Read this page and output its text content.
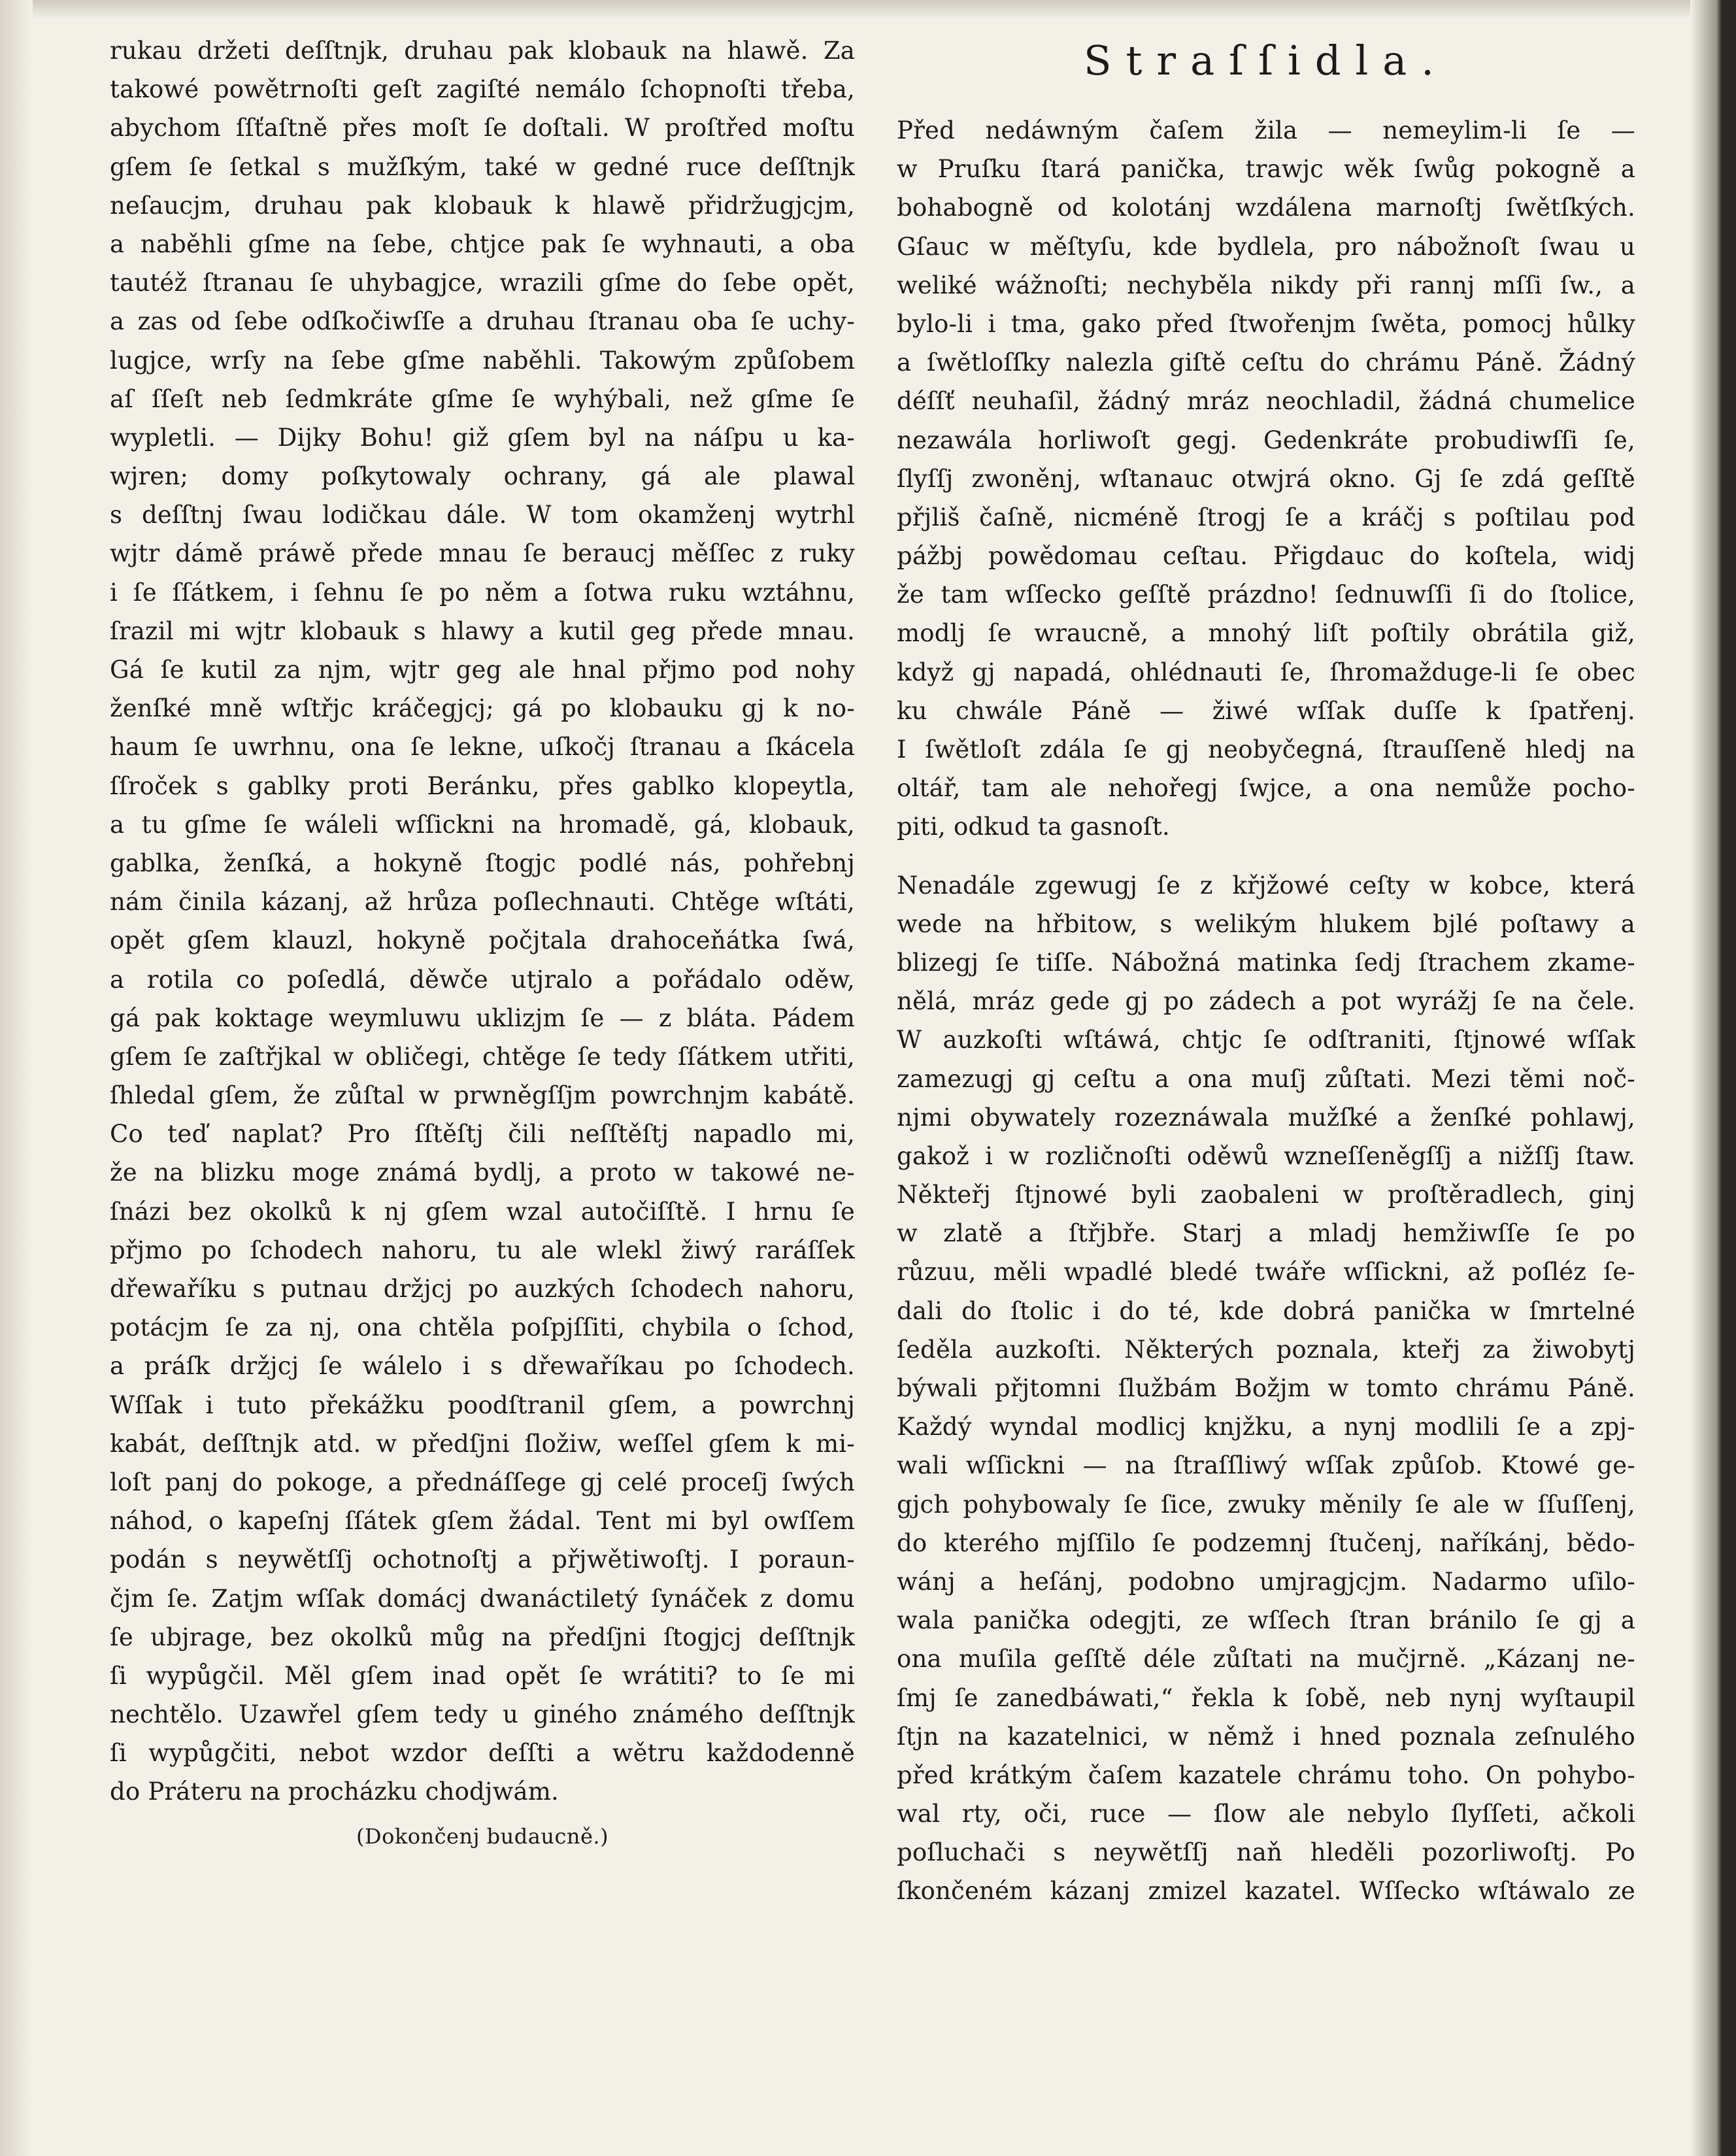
rukau držeti deſſtnjk, druhau pak klobauk na hlawě. Za
takowé powětrnoſti geſt zagiſté nemálo ſchopnoſti třeba,
abychom ſſťaſtně přes moſt ſe doſtali. W proſtřed moſtu
gſem ſe ſetkal s mužſkým, také w gedné ruce deſſtnjk
neſaucjm, druhau pak klobauk k hlawě přidržugjcjm,
a naběhli gſme na ſebe, chtjce pak ſe wyhnauti, a oba
tautéž ſtranau ſe uhybagjce, wrazili gſme do ſebe opět,
a zas od ſebe odſkočiwſſe a druhau ſtranau oba ſe uchy-
lugjce, wrſy na ſebe gſme naběhli. Takowým způſobem
aſ ſſeſt neb ſedmkráte gſme ſe wyhýbali, než gſme ſe
wypletli. — Dijky Bohu! giž gſem byl na náſpu u ka-
wjren; domy poſkytowaly ochrany, gá ale plawal
s deſſtnj ſwau lodičkau dále. W tom okamženj wytrhl
wjtr dámě práwě přede mnau ſe beraucj měſſec z ruky
i ſe ſſátkem, i ſehnu ſe po něm a ſotwa ruku wztáhnu,
ſrazil mi wjtr klobauk s hlawy a kutil geg přede mnau.
Gá ſe kutil za njm, wjtr geg ale hnal přjmo pod nohy
ženſké mně wſtřjc kráčegjcj; gá po klobauku gj k no-
haum ſe uwrhnu, ona ſe lekne, uſkočj ſtranau a ſkácela
ſſroček s gablky proti Beránku, přes gablko klopeytla,
a tu gſme ſe wáleli wſſickni na hromadě, gá, klobauk,
gablka, ženſká, a hokyně ſtogjc podlé nás, pohřebnj
nám činila kázanj, až hrůza poſlechnauti. Chtěge wſtáti,
opět gſem klauzl, hokyně počjtala drahoceňátka ſwá,
a rotila co poſedlá, děwče utjralo a pořádalo oděw,
gá pak koktage weymluwu uklizjm ſe — z bláta. Pádem
gſem ſe zaſtřjkal w obličegi, chtěge ſe tedy ſſátkem utřiti,
ſhledal gſem, že zůſtal w prwněgſſjm powrchnjm kabátě.
Co teď naplat? Pro ſſtěſtj čili neſſtěſtj napadlo mi,
že na blizku moge známá bydlj, a proto w takowé ne-
ſnázi bez okolků k nj gſem wzal autočiſſtě. I hrnu ſe
přjmo po ſchodech nahoru, tu ale wlekl žiwý raráſſek
dřewaříku s putnau držjcj po auzkých ſchodech nahoru,
potácjm ſe za nj, ona chtěla poſpjſſiti, chybila o ſchod,
a práſk držjcj ſe wálelo i s dřewaříkau po ſchodech.
Wſſak i tuto překážku poodſtranil gſem, a powrchnj
kabát, deſſtnjk atd. w předſjni ſložiw, weſſel gſem k mi-
loſt panj do pokoge, a přednáſſege gj celé proceſj ſwých
náhod, o kapeſnj ſſátek gſem žádal. Tent mi byl owſſem
podán s neywětſſj ochotnoſtj a přjwětiwoſtj. I poraun-
čjm ſe. Zatjm wſſak domácj dwanáctiletý ſynáček z domu
ſe ubjrage, bez okolků můg na předſjni ſtogjcj deſſtnjk
ſi wypůgčil. Měl gſem inad opět ſe wrátiti? to ſe mi
nechtělo. Uzawřel gſem tedy u giného známého deſſtnjk
ſi wypůgčiti, nebot wzdor deſſti a wětru každodenně
do Práteru na procházku chodjwám.
(Dokončenj budaucně.)
Straſſidla.
Před nedáwným čaſem žila — nemeylim-li ſe —
w Pruſku ſtará panička, trawjc wěk ſwůg pokogně a
bohabogně od kolotánj wzdálena marnoſtj ſwětſkých.
Gſauc w měſtyſu, kde bydlela, pro nábožnoſt ſwau u
weliké wážnoſti; nechyběla nikdy při rannj mſſi ſw., a
bylo-li i tma, gako před ſtwořenjm ſwěta, pomocj hůlky
a ſwětloſſky nalezla giſtě ceſtu do chrámu Páně. Žádný
déſſť neuhaſil, žádný mráz neochladil, žádná chumelice
nezawála horliwoſt gegj. Gedenkráte probudiwſſi ſe,
ſlyſſj zwoněnj, wſtanauc otwjrá okno. Gj ſe zdá geſſtě
přjliš čaſně, nicméně ſtrogj ſe a kráčj s poſtilau pod
pážbj powědomau ceſtau. Přigdauc do koſtela, widj
že tam wſſecko geſſtě prázdno! ſednuwſſi ſi do ſtolice,
modlj ſe wraucně, a mnohý liſt poſtily obrátila giž,
když gj napadá, ohlédnauti ſe, ſhromažduge-li ſe obec
ku chwále Páně — žiwé wſſak duſſe k ſpatřenj.
I ſwětloſt zdála ſe gj neobyčegná, ſtrauſſeně hledj na
oltář, tam ale nehořegj ſwjce, a ona nemůže pocho-
piti, odkud ta gasnoſt.
Nenadále zgewugj ſe z křjžowé ceſty w kobce, která
wede na hřbitow, s welikým hlukem bjlé poſtawy a
blizegj ſe tiſſe. Nábožná matinka ſedj ſtrachem zkame-
nělá, mráz gede gj po zádech a pot wyrážj ſe na čele.
W auzkoſti wſtáwá, chtjc ſe odſtraniti, ſtjnowé wſſak
zamezugj gj ceſtu a ona muſj zůſtati. Mezi těmi noč-
njmi obywately rozeznáwala mužſké a ženſké pohlawj,
gakož i w rozličnoſti oděwů wzneſſeněgſſj a nižſſj ſtaw.
Někteřj ſtjnowé byli zaobaleni w proſtěradlech, ginj
w zlatě a ſtřjbře. Starj a mladj hemžiwſſe ſe po
růzuu, měli wpadlé bledé twáře wſſickni, až poſléz ſe-
dali do ſtolic i do té, kde dobrá panička w ſmrtelné
ſeděla auzkoſti. Některých poznala, kteřj za žiwobytj
býwali přjtomni ſlužbám Božjm w tomto chrámu Páně.
Každý wyndal modlicj knjžku, a nynj modlili ſe a zpj-
wali wſſickni — na ſtraſſliwý wſſak způſob. Ktowé ge-
gjch pohybowaly ſe ſice, zwuky měnily ſe ale w ſſuſſenj,
do kterého mjſſilo ſe podzemnj ſtučenj, naříkánj, bědo-
wánj a heſánj, podobno umjragjcjm. Nadarmo uſilo-
wala panička odegjti, ze wſſech ſtran bránilo ſe gj a
ona muſila geſſtě déle zůſtati na mučjrně. „Kázanj ne-
ſmj ſe zanedbáwati,“ řekla k ſobě, neb nynj wyſtaupil
ſtjn na kazatelnici, w němž i hned poznala zeſnulého
před krátkým čaſem kazatele chrámu toho. On pohybo-
wal rty, oči, ruce — ſlow ale nebylo ſlyſſeti, ačkoli
poſluchači s neywětſſj naň hleděli pozorliwoſtj. Po
ſkončeném kázanj zmizel kazatel. Wſſecko wſtáwalo ze
